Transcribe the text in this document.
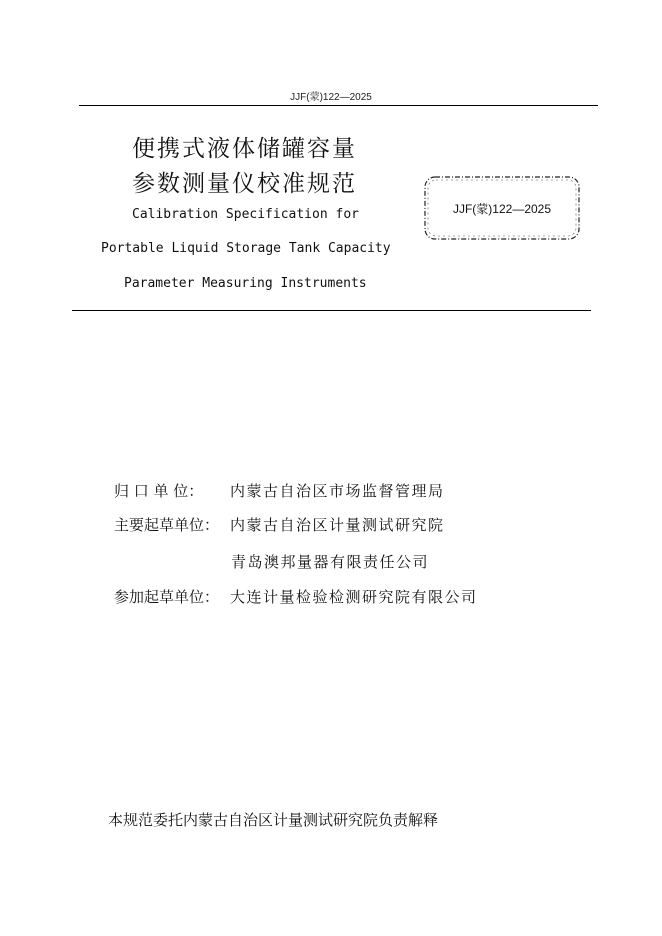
JJF(蒙)122—2025
便携式液体储罐容量
参数测量仪校准规范
Calibration Specification for
Portable Liquid Storage Tank Capacity
Parameter Measuring Instruments
JJF(蒙)122—2025
归 口 单 位： 内蒙古自治区市场监督管理局
主要起草单位： 内蒙古自治区计量测试研究院
青岛澳邦量器有限责任公司
参加起草单位： 大连计量检验检测研究院有限公司
本规范委托内蒙古自治区计量测试研究院负责解释
